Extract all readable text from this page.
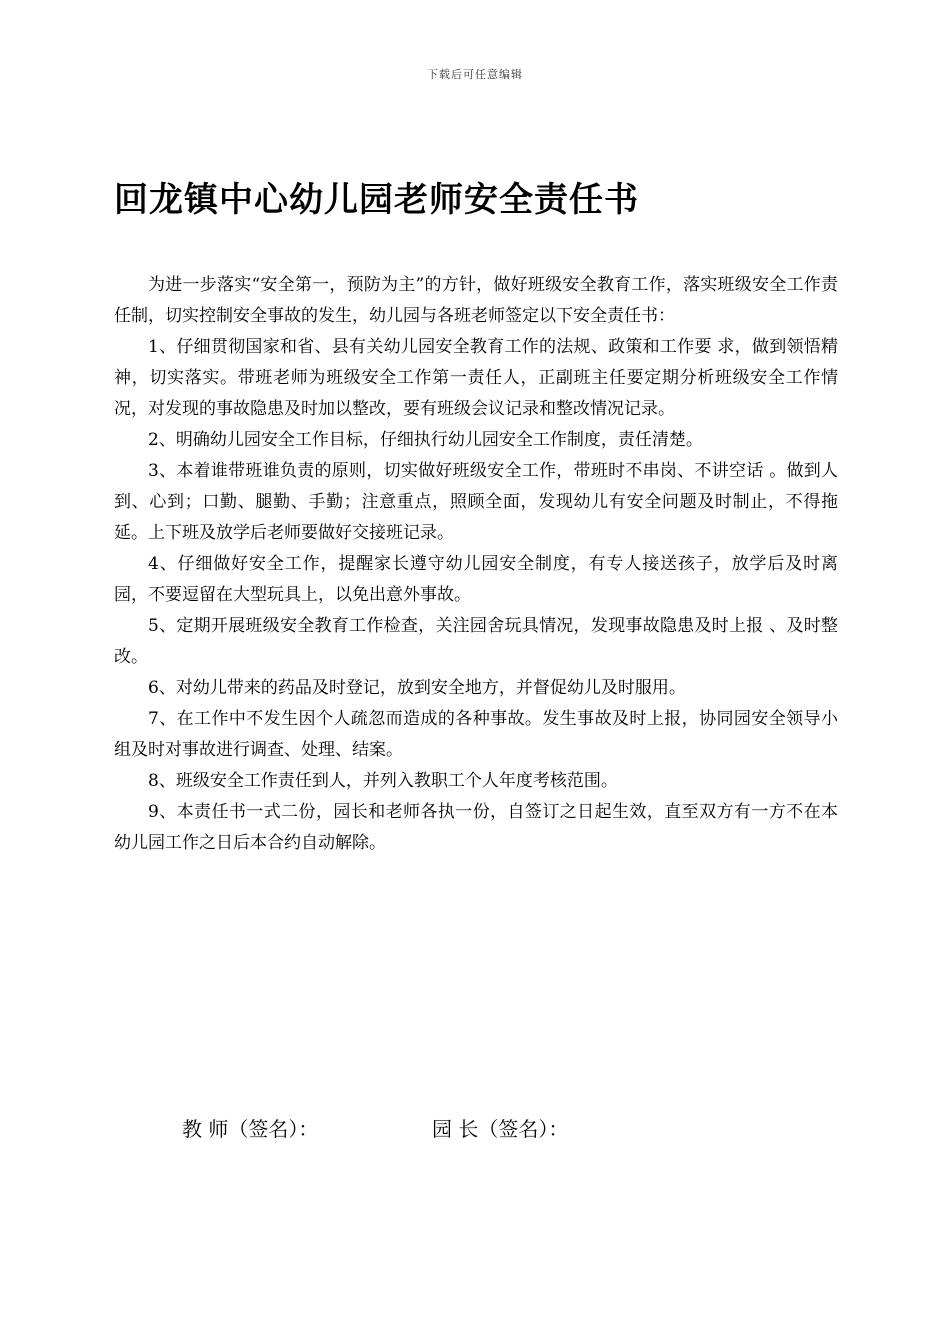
下载后可任意编辑
回龙镇中心幼儿园老师安全责任书

为进一步落实“安全第一，预防为主”的方针，做好班级安全教育工作，落实班级安全工作责任制，切实控制安全事故的发生，幼儿园与各班老师签定以下安全责任书：

1、仔细贯彻国家和省、县有关幼儿园安全教育工作的法规、政策和工作要 求，做到领悟精神，切实落实。带班老师为班级安全工作第一责任人，正副班主任要定期分析班级安全工作情况，对发现的事故隐患及时加以整改，要有班级会议记录和整改情况记录。

2、明确幼儿园安全工作目标，仔细执行幼儿园安全工作制度，责任清楚。

3、本着谁带班谁负责的原则，切实做好班级安全工作，带班时不串岗、不讲空话 。做到人到、心到；口勤、腿勤、手勤；注意重点，照顾全面，发现幼儿有安全问题及时制止，不得拖延。上下班及放学后老师要做好交接班记录。

4、仔细做好安全工作，提醒家长遵守幼儿园安全制度，有专人接送孩子，放学后及时离园，不要逗留在大型玩具上，以免出意外事故。

5、定期开展班级安全教育工作检查，关注园舍玩具情况，发现事故隐患及时上报 、及时整改。

6、对幼儿带来的药品及时登记，放到安全地方，并督促幼儿及时服用。

7、在工作中不发生因个人疏忽而造成的各种事故。发生事故及时上报，协同园安全领导小组及时对事故进行调查、处理、结案。

8、班级安全工作责任到人，并列入教职工个人年度考核范围。

9、本责任书一式二份，园长和老师各执一份，自签订之日起生效，直至双方有一方不在本幼儿园工作之日后本合约自动解除。

教 师（签名）：	园 长（签名）：
